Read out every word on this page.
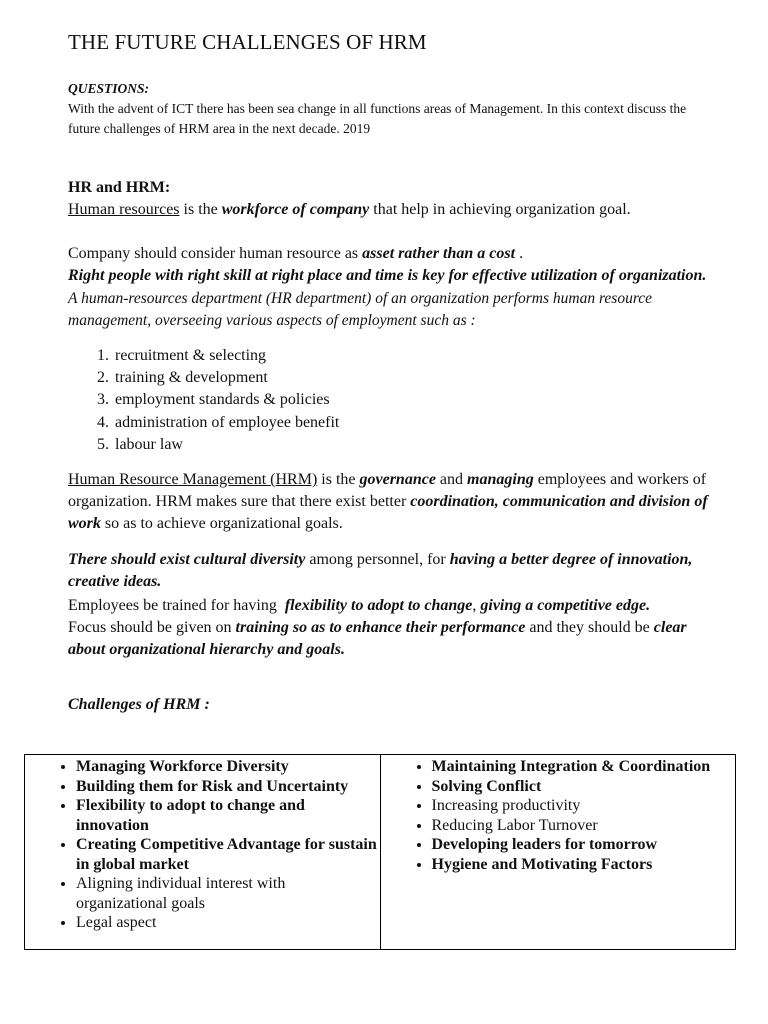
THE FUTURE CHALLENGES OF HRM
QUESTIONS:
With the advent of ICT there has been sea change in all functions areas of Management. In this context discuss the future challenges of HRM area in the next decade. 2019
HR and HRM:
Human resources is the workforce of company that help in achieving organization goal.
Company should consider human resource as asset rather than a cost .
Right people with right skill at right place and time is key for effective utilization of organization.
A human-resources department (HR department) of an organization performs human resource management, overseeing various aspects of employment such as :
1. recruitment & selecting
2. training & development
3. employment standards & policies
4. administration of employee benefit
5. labour law
Human Resource Management (HRM) is the governance and managing employees and workers of organization. HRM makes sure that there exist better coordination, communication and division of work so as to achieve organizational goals.
There should exist cultural diversity among personnel, for having a better degree of innovation, creative ideas.
Employees be trained for having  flexibility to adopt to change, giving a competitive edge.
Focus should be given on training so as to enhance their performance and they should be clear about organizational hierarchy and goals.
Challenges of HRM :
• Managing Workforce Diversity
• Building them for Risk and Uncertainty
• Flexibility to adopt to change and innovation
• Creating Competitive Advantage for sustain in global market
• Aligning individual interest with organizational goals
• Legal aspect

• Maintaining Integration & Coordination
• Solving Conflict
• Increasing productivity
• Reducing Labor Turnover
• Developing leaders for tomorrow
• Hygiene and Motivating Factors
